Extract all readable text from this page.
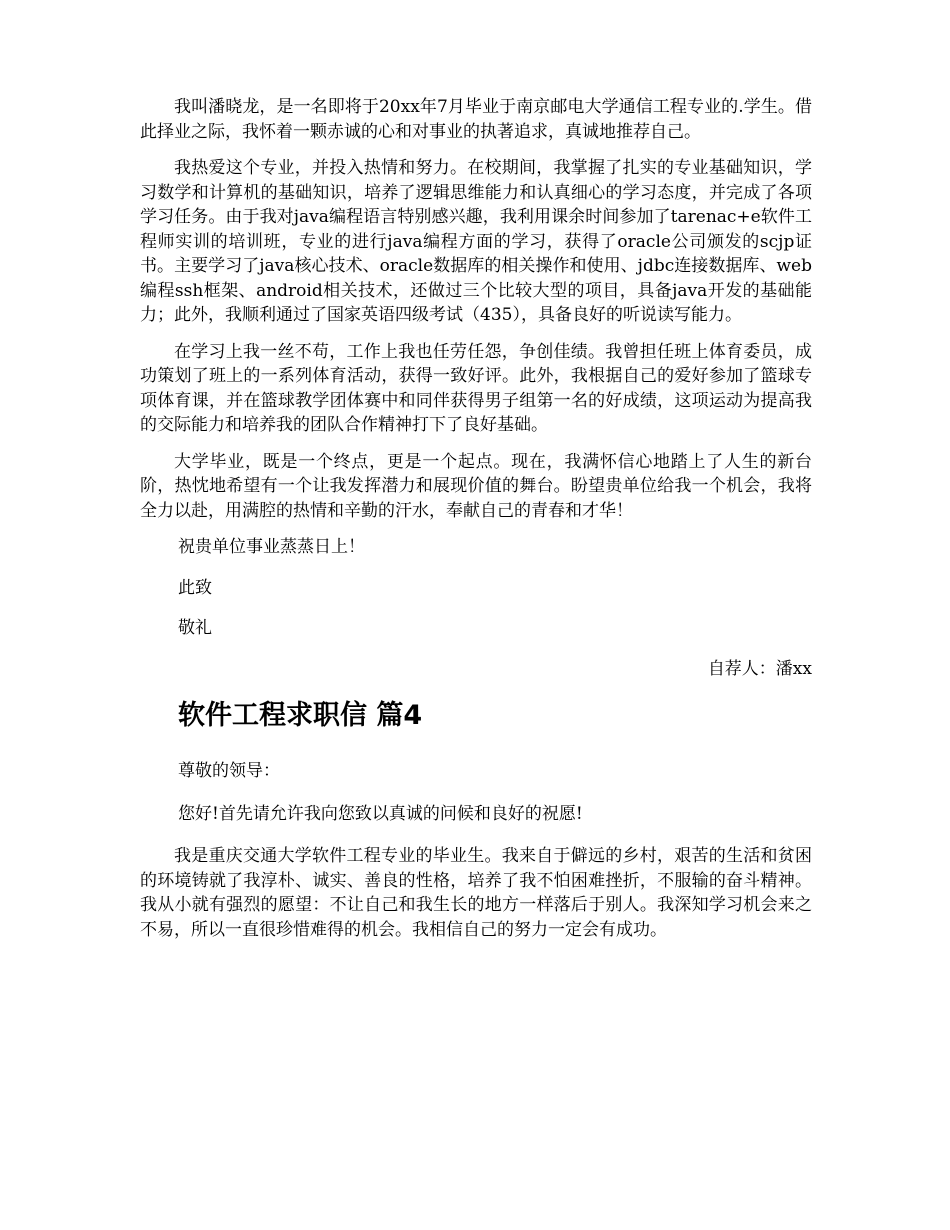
我叫潘晓龙，是一名即将于20xx年7月毕业于南京邮电大学通信工程专业的.学生。借此择业之际，我怀着一颗赤诚的心和对事业的执著追求，真诚地推荐自己。

我热爱这个专业，并投入热情和努力。在校期间，我掌握了扎实的专业基础知识，学习数学和计算机的基础知识，培养了逻辑思维能力和认真细心的学习态度，并完成了各项学习任务。由于我对java编程语言特别感兴趣，我利用课余时间参加了tarenac+e软件工程师实训的培训班，专业的进行java编程方面的学习，获得了oracle公司颁发的scjp证书。主要学习了java核心技术、oracle数据库的相关操作和使用、jdbc连接数据库、web编程ssh框架、android相关技术，还做过三个比较大型的项目，具备java开发的基础能力；此外，我顺利通过了国家英语四级考试（435），具备良好的听说读写能力。

在学习上我一丝不苟，工作上我也任劳任怨，争创佳绩。我曾担任班上体育委员，成功策划了班上的一系列体育活动，获得一致好评。此外，我根据自己的爱好参加了篮球专项体育课，并在篮球教学团体赛中和同伴获得男子组第一名的好成绩，这项运动为提高我的交际能力和培养我的团队合作精神打下了良好基础。

大学毕业，既是一个终点，更是一个起点。现在，我满怀信心地踏上了人生的新台阶，热忱地希望有一个让我发挥潜力和展现价值的舞台。盼望贵单位给我一个机会，我将全力以赴，用满腔的热情和辛勤的汗水，奉献自己的青春和才华！

祝贵单位事业蒸蒸日上！

此致

敬礼

自荐人：潘xx

软件工程求职信 篇4

尊敬的领导：

您好!首先请允许我向您致以真诚的问候和良好的祝愿!

我是重庆交通大学软件工程专业的毕业生。我来自于僻远的乡村，艰苦的生活和贫困的环境铸就了我淳朴、诚实、善良的性格，培养了我不怕困难挫折，不服输的奋斗精神。我从小就有强烈的愿望：不让自己和我生长的地方一样落后于别人。我深知学习机会来之不易，所以一直很珍惜难得的机会。我相信自己的努力一定会有成功。
